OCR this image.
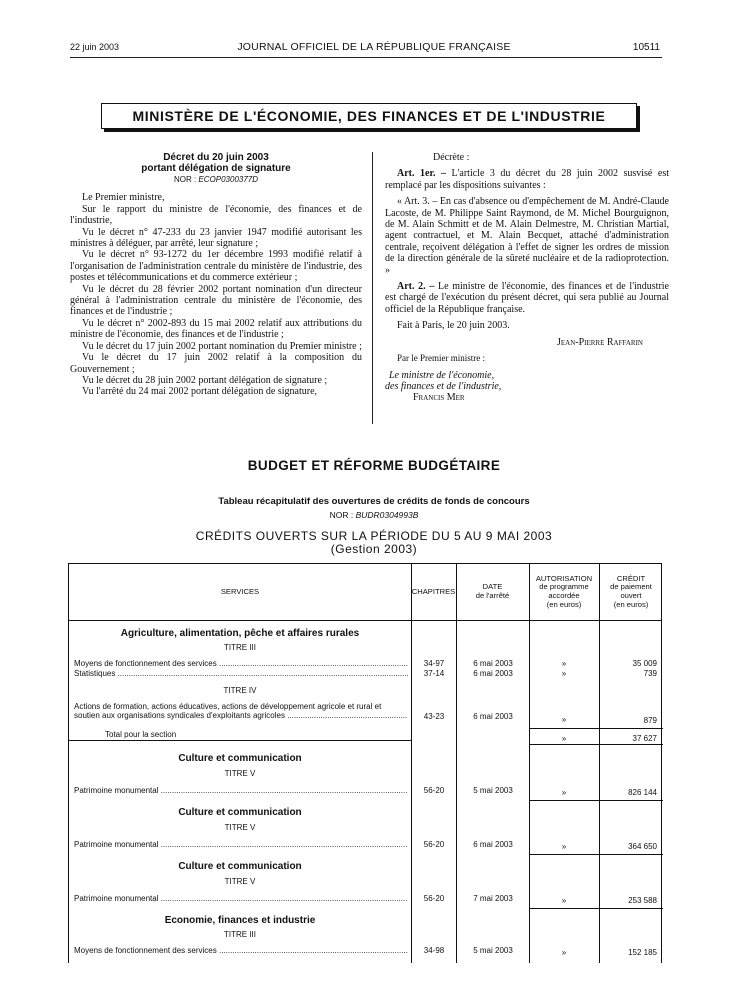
22 juin 2003	JOURNAL OFFICIEL DE LA RÉPUBLIQUE FRANÇAISE	10511
MINISTÈRE DE L'ÉCONOMIE, DES FINANCES ET DE L'INDUSTRIE
Décret du 20 juin 2003
portant délégation de signature
NOR : ECOP0300377D
Le Premier ministre,
Sur le rapport du ministre de l'économie, des finances et de l'industrie,
Vu le décret n° 47-233 du 23 janvier 1947 modifié autorisant les ministres à déléguer, par arrêté, leur signature ;
Vu le décret n° 93-1272 du 1er décembre 1993 modifié relatif à l'organisation de l'administration centrale du ministère de l'industrie, des postes et télécommunications et du commerce extérieur ;
Vu le décret du 28 février 2002 portant nomination d'un directeur général à l'administration centrale du ministère de l'économie, des finances et de l'industrie ;
Vu le décret n° 2002-893 du 15 mai 2002 relatif aux attributions du ministre de l'économie, des finances et de l'industrie ;
Vu le décret du 17 juin 2002 portant nomination du Premier ministre ;
Vu le décret du 17 juin 2002 relatif à la composition du Gouvernement ;
Vu le décret du 28 juin 2002 portant délégation de signature ;
Vu l'arrêté du 24 mai 2002 portant délégation de signature,
Décrète :
Art. 1er. – L'article 3 du décret du 28 juin 2002 susvisé est remplacé par les dispositions suivantes :
« Art. 3. – En cas d'absence ou d'empêchement de M. André-Claude Lacoste, de M. Philippe Saint Raymond, de M. Michel Bourguignon, de M. Alain Schmitt et de M. Alain Delmestre, M. Christian Martial, agent contractuel, et M. Alain Becquet, attaché d'administration centrale, reçoivent délégation à l'effet de signer les ordres de mission de la direction générale de la sûreté nucléaire et de la radioprotection. »
Art. 2. – Le ministre de l'économie, des finances et de l'industrie est chargé de l'exécution du présent décret, qui sera publié au Journal officiel de la République française.
Fait à Paris, le 20 juin 2003.
Jean-Pierre Raffarin
Par le Premier ministre :
Le ministre de l'économie,
des finances et de l'industrie,
Francis Mer
BUDGET ET RÉFORME BUDGÉTAIRE
Tableau récapitulatif des ouvertures de crédits de fonds de concours
NOR : BUDR0304993B
CRÉDITS OUVERTS SUR LA PÉRIODE DU 5 AU 9 MAI 2003
(Gestion 2003)
SERVICES	CHAPITRES	DATE
de l'arrêté
AUTORISATION
de programme
accordée
(en euros)
CRÉDIT
de paiement
ouvert
(en euros)
Agriculture, alimentation, pêche et affaires rurales
TITRE III
Moyens de fonctionnement des services .....	34-97	6 mai 2003	»	35 009
Statistiques .....	37-14	6 mai 2003	»	739
TITRE IV
Actions de formation, actions éducatives, actions de développement agricole et rural et
soutien aux organisations syndicales d'exploitants agricoles .....	43-23	6 mai 2003	»	879
Total pour la section	»	37 627
Culture et communication
TITRE V
Patrimoine monumental .....	56-20	5 mai 2003	»	826 144
Culture et communication
TITRE V
Patrimoine monumental .....	56-20	6 mai 2003	»	364 650
Culture et communication
TITRE V
Patrimoine monumental .....	56-20	7 mai 2003	»	253 588
Economie, finances et industrie
TITRE III
Moyens de fonctionnement des services .....	34-98	5 mai 2003	»	152 185
